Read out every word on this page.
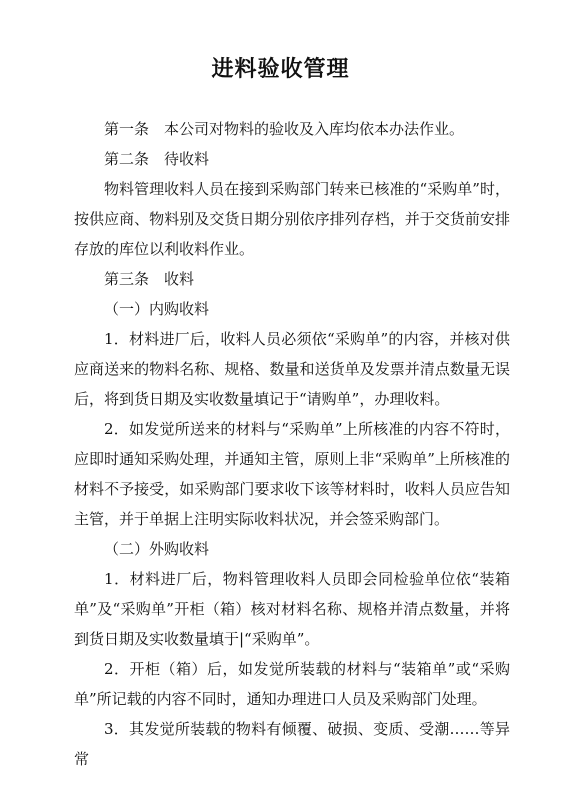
进料验收管理

第一条　本公司对物料的验收及入库均依本办法作业。

第二条　待收料

物料管理收料人员在接到采购部门转来已核准的“采购单”时，按供应商、物料别及交货日期分别依序排列存档，并于交货前安排存放的库位以利收料作业。

第三条　收料

（一）内购收料

1．材料进厂后，收料人员必须依“采购单”的内容，并核对供应商送来的物料名称、规格、数量和送货单及发票并清点数量无误后，将到货日期及实收数量填记于“请购单”，办理收料。

2．如发觉所送来的材料与“采购单”上所核准的内容不符时，应即时通知采购处理，并通知主管，原则上非“采购单”上所核准的材料不予接受，如采购部门要求收下该等材料时，收料人员应告知主管，并于单据上注明实际收料状况，并会签采购部门。

（二）外购收料

1．材料进厂后，物料管理收料人员即会同检验单位依“装箱单”及“采购单”开柜（箱）核对材料名称、规格并清点数量，并将到货日期及实收数量填于|“采购单”。

2．开柜（箱）后，如发觉所装载的材料与“装箱单”或“采购单”所记载的内容不同时，通知办理进口人员及采购部门处理。

3．其发觉所装载的物料有倾覆、破损、变质、受潮……等异常
